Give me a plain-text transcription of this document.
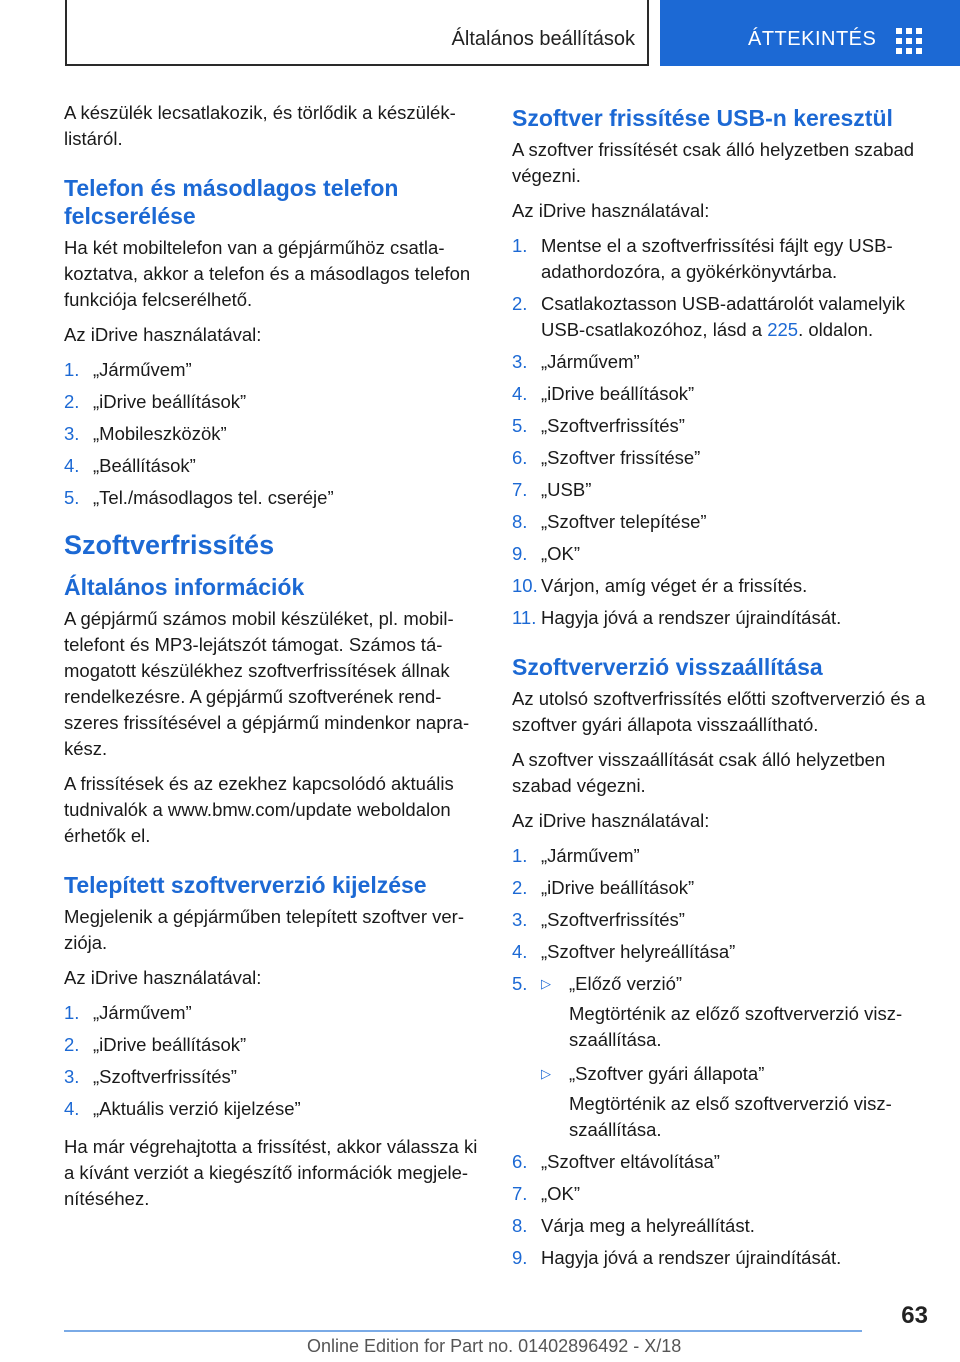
Általános beállítások	ÁTTEKINTÉS

A készülék lecsatlakozik, és törlődik a készülék-listáról.

Telefon és másodlagos telefon felcserélése

Ha két mobiltelefon van a gépjárműhöz csatla-koztatva, akkor a telefon és a másodlagos telefon funkciója felcserélhető.

Az iDrive használatával:

1. „Járművem”
2. „iDrive beállítások”
3. „Mobileszközök”
4. „Beállítások”
5. „Tel./másodlagos tel. cseréje”
Szoftverfrissítés
Általános információk

A gépjármű számos mobil készüléket, pl. mobil-telefont és MP3-lejátszót támogat. Számos tá-mogatott készülékhez szoftverfrissítések állnak rendelkezésre. A gépjármű szoftverének rend-szeres frissítésével a gépjármű mindenkor napra-kész.

A frissítések és az ezekhez kapcsolódó aktuális tudnivalók a www.bmw.com/update weboldalon érhetők el.

Telepített szoftververzió kijelzése

Megjelenik a gépjárműben telepített szoftver ver-ziója.

Az iDrive használatával:

1. „Járművem”
2. „iDrive beállítások”
3. „Szoftverfrissítés”
4. „Aktuális verzió kijelzése”

Ha már végrehajtotta a frissítést, akkor válassza ki a kívánt verziót a kiegészítő információk megjele-nítéséhez.

Szoftver frissítése USB-n keresztül

A szoftver frissítését csak álló helyzetben szabad végezni.

Az iDrive használatával:

1. Mentse el a szoftverfrissítési fájlt egy USB-adathordozóra, a gyökérkönyvtárba.
2. Csatlakoztasson USB-adattárolót valamelyik USB-csatlakozóhoz, lásd a 225. oldalon.
3. „Járművem”
4. „iDrive beállítások”
5. „Szoftverfrissítés”
6. „Szoftver frissítése”
7. „USB”
8. „Szoftver telepítése”
9. „OK”
10. Várjon, amíg véget ér a frissítés.
11. Hagyja jóvá a rendszer újraindítását.
Szoftververzió visszaállítása

Az utolsó szoftverfrissítés előtti szoftververzió és a szoftver gyári állapota visszaállítható.

A szoftver visszaállítását csak álló helyzetben szabad végezni.

Az iDrive használatával:

1. „Járművem”
2. „iDrive beállítások”
3. „Szoftverfrissítés”
4. „Szoftver helyreállítása”
5. ▷ „Előző verzió”
Megtörténik az előző szoftververzió visz-szaállítása.
▷ „Szoftver gyári állapota”
Megtörténik az első szoftververzió visz-szaállítása.
6. „Szoftver eltávolítása”
7. „OK”
8. Várja meg a helyreállítást.
9. Hagyja jóvá a rendszer újraindítását.
63
Online Edition for Part no. 01402896492 - X/18
